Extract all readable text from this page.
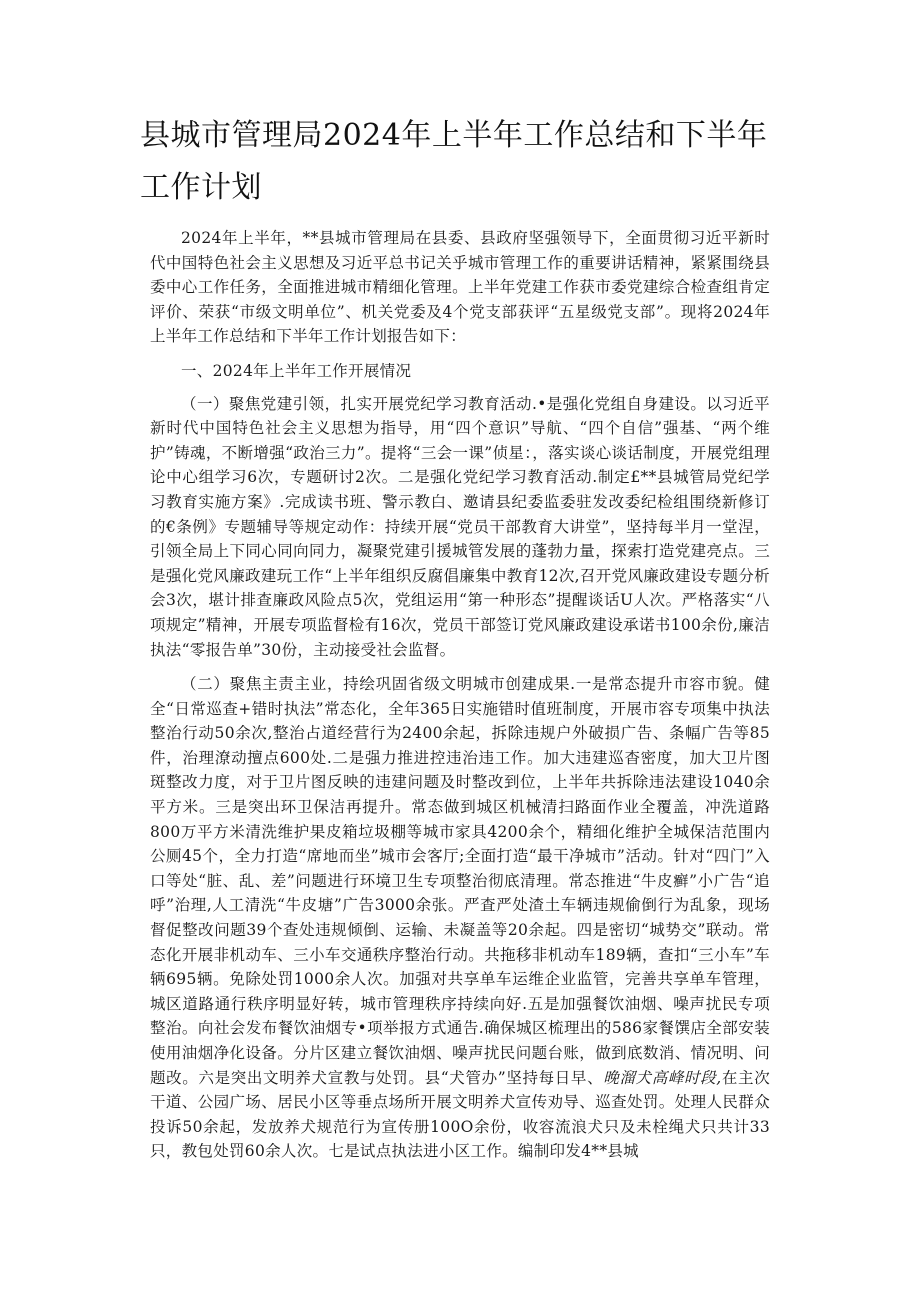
县城市管理局2024年上半年工作总结和下半年工作计划

2024年上半年，**县城市管理局在县委、县政府坚强领导下，全面贯彻习近平新时代中国特色社会主义思想及习近平总书记关乎城市管理工作的重要讲话精神，紧紧围绕县委中心工作任务，全面推进城市精细化管理。上半年党建工作获市委党建综合检查组肯定评价、荣获“市级文明单位”、机关党委及4个党支部获评“五星级党支部”。现将2024年上半年工作总结和下半年工作计划报告如下：

一、2024年上半年工作开展情况

（一）聚焦党建引领，扎实开展党纪学习教育活动.•是强化党组自身建设。以习近平新时代中国特色社会主义思想为指导，用“四个意识”导航、“四个自信”强基、“两个维护”铸魂，不断增强“政治三力”。提将“三会一课”侦星：，落实谈心谈话制度，开展党组理论中心组学习6次，专题研讨2次。二是强化党纪学习教育活动.制定£**县城管局党纪学习教育实施方案》.完成读书班、警示教白、邀请县纪委监委驻发改委纪检组围绕新修订的€条例》专题辅导等规定动作：持续开展“党员干部教育大讲堂”，坚持每半月一堂涅，引领全局上下同心同向同力，凝聚党建引援城管发展的蓬勃力量，探索打造党建亮点。三是强化党风廉政建玩工作“上半年组织反腐倡廉集中教育12次,召开党风廉政建设专题分析会3次，堪计排查廉政风险点5次，党组运用“第一种形态”提醒谈话U人次。严格落实“八项规定”精神，开展专项监督检有16次，党员干部签订党风廉政建设承诺书100余份,廉洁执法“零报告单”30份，主动接受社会监督。

（二）聚焦主责主业，持绘巩固省级文明城市创建成果.一是常态提升市容市貌。健全“日常巡查+错时执法”常态化，全年365日实施错时值班制度，开展市容专项集中执法整治行动50余次,整治占道经营行为2400余起，拆除违规户外破损广告、条幅广告等85件，治理潦动擅点600处.二是强力推进控违治违工作。加大违建巡杳密度，加大卫片图斑整改力度，对于卫片图反映的违建问题及时整改到位，上半年共拆除违法建设1040余平方米。三是突出环卫保洁再提升。常态做到城区机械清扫路面作业全覆盖，冲洗道路800万平方米清洗维护果皮箱垃圾棚等城市家具4200余个，精细化维护全城保洁范围内公厕45个，全力打造“席地而坐”城市会客厅;全面打造“最干净城市”活动。针对“四门”入口等处“脏、乱、差”问题进行环境卫生专项整治彻底清理。常态推进“牛皮癣”小广告“追呼”治理,人工清洗“牛皮塘”广告3000余张。严査严处渣土车辆违规偷倒行为乱象，现场督促整改问题39个查处违规倾倒、运输、未凝盖等20余起。四是密切“城势交”联动。常态化开展非机动车、三小车交通秩序整治行动。共拖移非机动车189辆，查扣“三小车”车辆695辆。免除处罚1000余人次。加强对共享单车运维企业监管，完善共享单车管理，城区道路通行秩序明显好转，城市管理秩序持续向好.五是加强餐饮油烟、噪声扰民专项整治。向社会发布餐饮油烟专•项举报方式通告.确保城区梳理出的586家餐馔店全部安装使用油烟净化设备。分片区建立餐饮油烟、噪声扰民问题台账，做到底数消、情况明、问题改。六是突出文明养犬宣教与处罚。县“犬管办”坚持每日早、晚溜犬高峰时段,在主次干道、公园广场、居民小区等垂点场所开展文明养犬宣传劝导、巡查处罚。处理人民群众投诉50余起，发放养犬规范行为宣传册100O余份，收容流浪犬只及未栓绳犬只共计33只，教包处罚60余人次。七是试点执法进小区工作。编制印发4**县城
